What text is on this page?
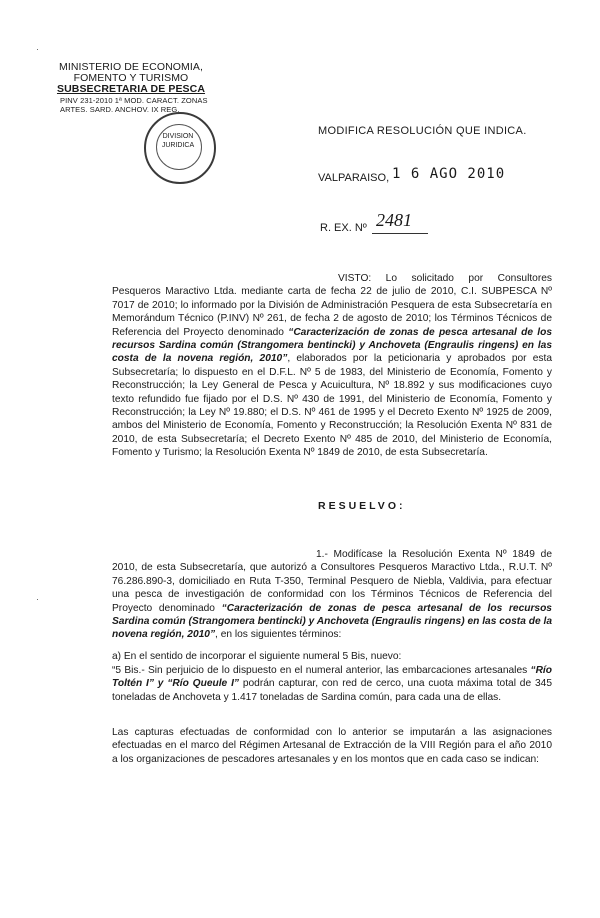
·
·
MINISTERIO DE ECONOMIA,
FOMENTO Y TURISMO
SUBSECRETARIA DE PESCA
PINV 231-2010 1ª MOD. CARACT. ZONAS
ARTES. SARD. ANCHOV. IX REG.
DIVISION
JURIDICA
MODIFICA RESOLUCIÓN QUE INDICA.
VALPARAISO, 1 6 AGO 2010
R. EX. Nº 2481
VISTO: Lo solicitado por Consultores Pesqueros Maractivo Ltda. mediante carta de fecha 22 de julio de 2010, C.I. SUBPESCA Nº 7017 de 2010; lo informado por la División de Administración Pesquera de esta Subsecretaría en Memorándum Técnico (P.INV) Nº 261, de fecha 2 de agosto de 2010; los Términos Técnicos de Referencia del Proyecto denominado “Caracterización de zonas de pesca artesanal de los recursos Sardina común (Strangomera bentincki) y Anchoveta (Engraulis ringens) en las costa de la novena región, 2010”, elaborados por la peticionaria y aprobados por esta Subsecretaría; lo dispuesto en el D.F.L. Nº 5 de 1983, del Ministerio de Economía, Fomento y Reconstrucción; la Ley General de Pesca y Acuicultura, Nº 18.892 y sus modificaciones cuyo texto refundido fue fijado por el D.S. Nº 430 de 1991, del Ministerio de Economía, Fomento y Reconstrucción; la Ley Nº 19.880; el D.S. Nº 461 de 1995 y el Decreto Exento Nº 1925 de 2009, ambos del Ministerio de Economía, Fomento y Reconstrucción; la Resolución Exenta Nº 831 de 2010, de esta Subsecretaría; el Decreto Exento Nº 485 de 2010, del Ministerio de Economía, Fomento y Turismo; la Resolución Exenta Nº 1849 de 2010, de esta Subsecretaría.
RESUELVO:
1.- Modifícase la Resolución Exenta Nº 1849 de 2010, de esta Subsecretaría, que autorizó a Consultores Pesqueros Maractivo Ltda., R.U.T. Nº 76.286.890-3, domiciliado en Ruta T-350, Terminal Pesquero de Niebla, Valdivia, para efectuar una pesca de investigación de conformidad con los Términos Técnicos de Referencia del Proyecto denominado “Caracterización de zonas de pesca artesanal de los recursos Sardina común (Strangomera bentincki) y Anchoveta (Engraulis ringens) en las costa de la novena región, 2010”, en los siguientes términos:
a) En el sentido de incorporar el siguiente numeral 5 Bis, nuevo:
“5 Bis.- Sin perjuicio de lo dispuesto en el numeral anterior, las embarcaciones artesanales “Río Toltén I” y “Río Queule I” podrán capturar, con red de cerco, una cuota máxima total de 345 toneladas de Anchoveta y 1.417 toneladas de Sardina común, para cada una de ellas.
Las capturas efectuadas de conformidad con lo anterior se imputarán a las asignaciones efectuadas en el marco del Régimen Artesanal de Extracción de la VIII Región para el año 2010 a los organizaciones de pescadores artesanales y en los montos que en cada caso se indican:
